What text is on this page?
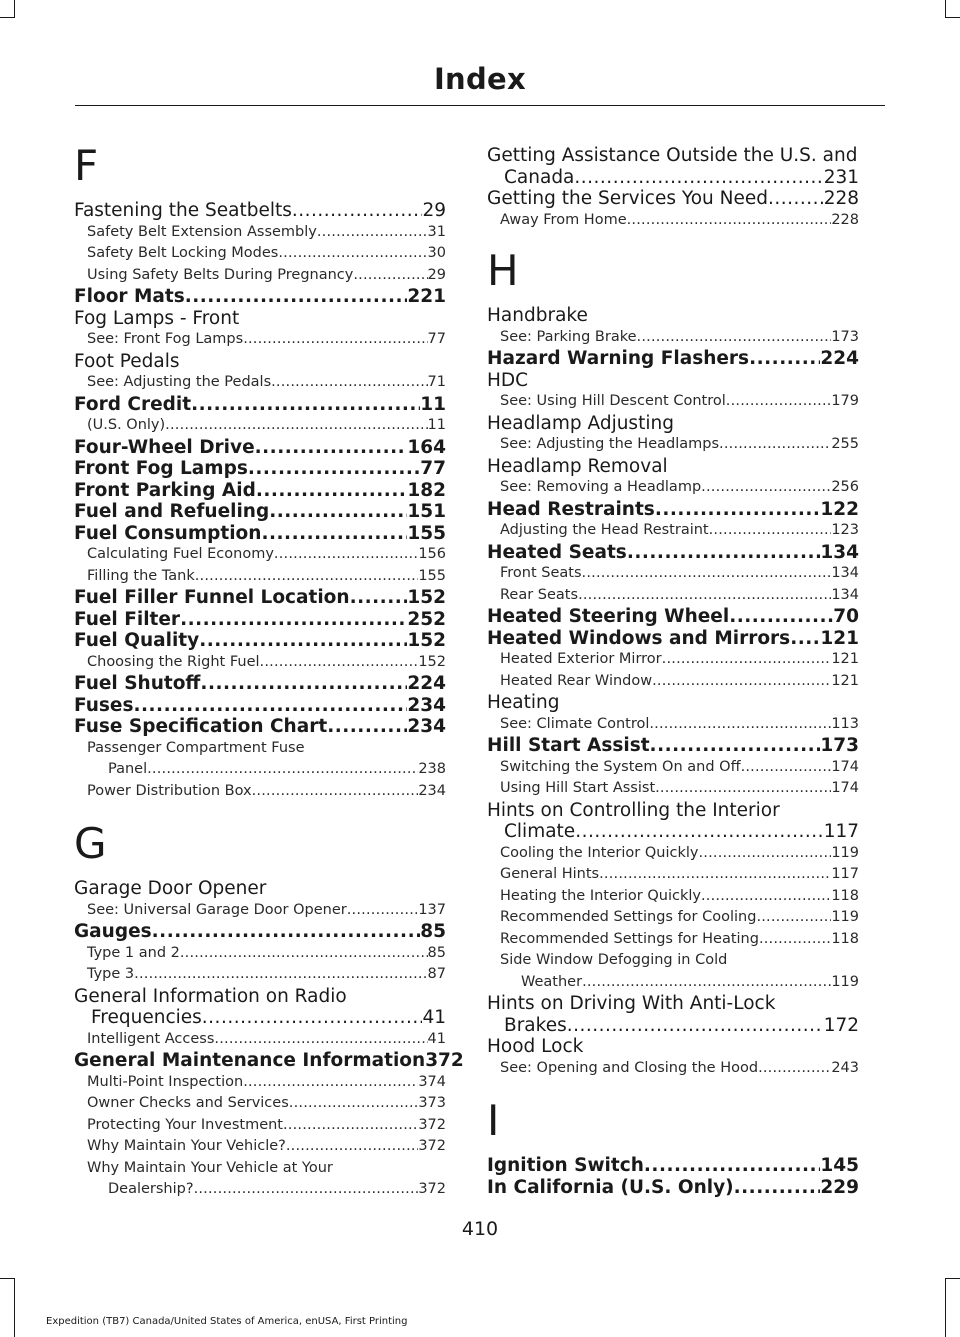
Index
F
Fastening the Seatbelts .....	29
Safety Belt Extension Assembly .....	31
Safety Belt Locking Modes .....	30
Using Safety Belts During Pregnancy .....	29
Floor Mats .....	221
Fog Lamps - Front
See: Front Fog Lamps .....	77
Foot Pedals
See: Adjusting the Pedals .....	71
Ford Credit .....	11
(U.S. Only) .....	11
Four-Wheel Drive .....	164
Front Fog Lamps .....	77
Front Parking Aid .....	182
Fuel and Refueling .....	151
Fuel Consumption .....	155
Calculating Fuel Economy .....	156
Filling the Tank .....	155
Fuel Filler Funnel Location .....	152
Fuel Filter .....	252
Fuel Quality .....	152
Choosing the Right Fuel .....	152
Fuel Shutoff .....	224
Fuses .....	234
Fuse Specification Chart .....	234
Passenger Compartment Fuse
Panel .....	238
Power Distribution Box .....	234
G
Garage Door Opener
See: Universal Garage Door Opener .....	137
Gauges .....	85
Type 1 and 2 .....	85
Type 3 .....	87
General Information on Radio
Frequencies .....	41
Intelligent Access .....	41
General Maintenance Information 372
Multi-Point Inspection .....	374
Owner Checks and Services .....	373
Protecting Your Investment .....	372
Why Maintain Your Vehicle? .....	372
Why Maintain Your Vehicle at Your
Dealership? .....	372
Getting Assistance Outside the U.S. and
Canada .....	231
Getting the Services You Need .....	228
Away From Home .....	228
H
Handbrake
See: Parking Brake .....	173
Hazard Warning Flashers .....	224
HDC
See: Using Hill Descent Control .....	179
Headlamp Adjusting
See: Adjusting the Headlamps .....	255
Headlamp Removal
See: Removing a Headlamp .....	256
Head Restraints .....	122
Adjusting the Head Restraint .....	123
Heated Seats .....	134
Front Seats .....	134
Rear Seats .....	134
Heated Steering Wheel .....	70
Heated Windows and Mirrors ..... 121
Heated Exterior Mirror .....	121
Heated Rear Window .....	121
Heating
See: Climate Control .....	113
Hill Start Assist .....	173
Switching the System On and Off .....	174
Using Hill Start Assist .....	174
Hints on Controlling the Interior
Climate .....	117
Cooling the Interior Quickly .....	119
General Hints .....	117
Heating the Interior Quickly .....	118
Recommended Settings for Cooling .....	119
Recommended Settings for Heating .....	118
Side Window Defogging in Cold
Weather .....	119
Hints on Driving With Anti-Lock
Brakes .....	172
Hood Lock
See: Opening and Closing the Hood .....	243
I
Ignition Switch .....	145
In California (U.S. Only) .....	229
410
Expedition (TB7) Canada/United States of America, enUSA, First Printing
